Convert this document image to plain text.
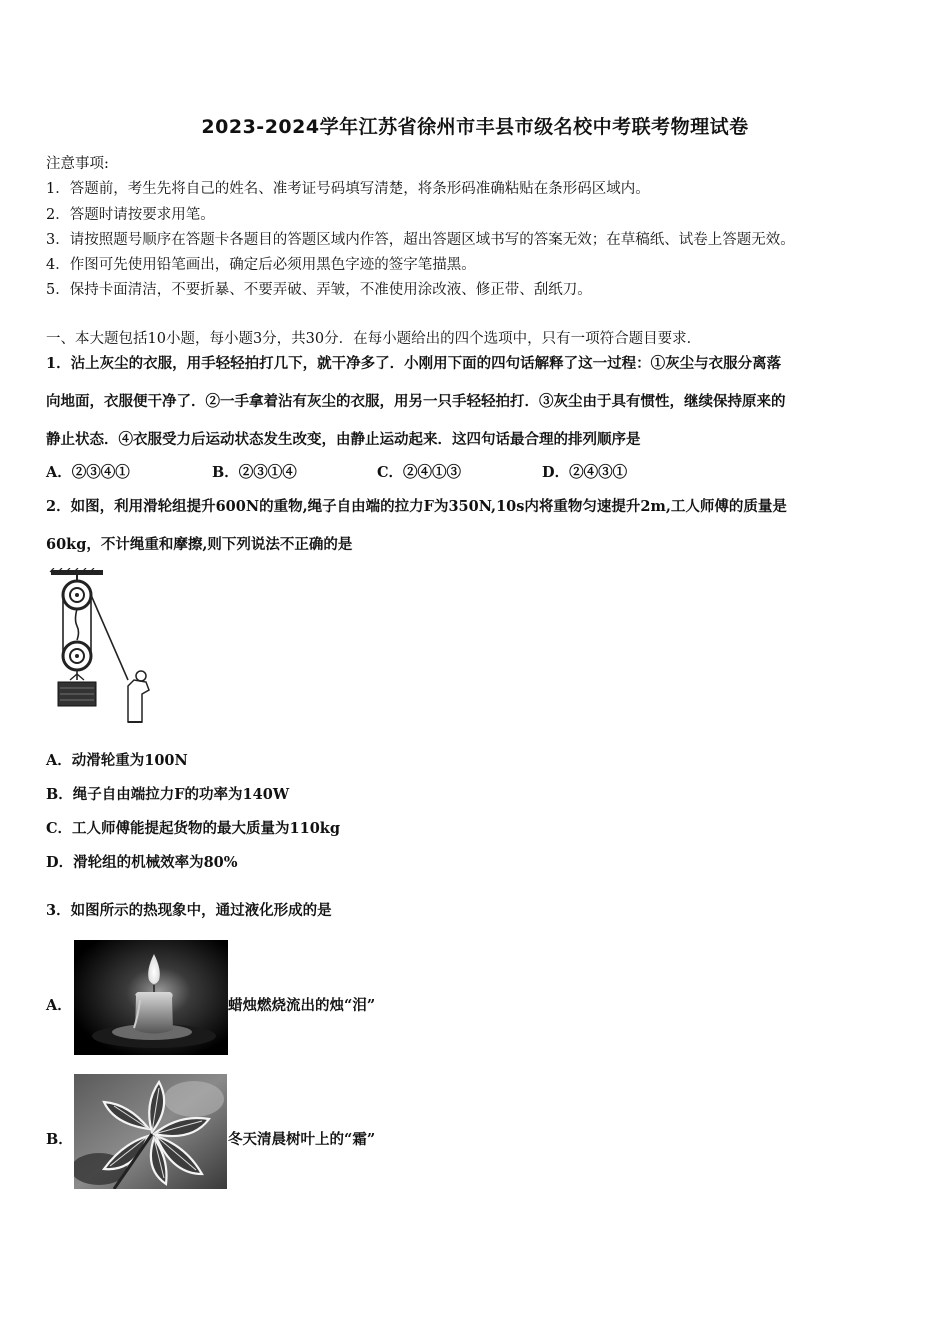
2023-2024学年江苏省徐州市丰县市级名校中考联考物理试卷
注意事项:
1．答题前，考生先将自己的姓名、准考证号码填写清楚，将条形码准确粘贴在条形码区域内。
2．答题时请按要求用笔。
3．请按照题号顺序在答题卡各题目的答题区域内作答，超出答题区域书写的答案无效；在草稿纸、试卷上答题无效。
4．作图可先使用铅笔画出，确定后必须用黑色字迹的签字笔描黑。
5．保持卡面清洁，不要折暴、不要弄破、弄皱，不准使用涂改液、修正带、刮纸刀。
一、本大题包括10小题，每小题3分，共30分．在每小题给出的四个选项中，只有一项符合题目要求．
1．沾上灰尘的衣服，用手轻轻拍打几下，就干净多了．小刚用下面的四句话解释了这一过程：①灰尘与衣服分离落
向地面，衣服便干净了．②一手拿着沾有灰尘的衣服，用另一只手轻轻拍打．③灰尘由于具有惯性，继续保持原来的
静止状态．④衣服受力后运动状态发生改变，由静止运动起来．这四句话最合理的排列顺序是
A．②③④①	B．②③①④	C．②④①③	D．②④③①
2．如图，利用滑轮组提升600N的重物,绳子自由端的拉力F为350N,10s内将重物匀速提升2m,工人师傅的质量是
60kg，不计绳重和摩擦,则下列说法不正确的是
A．动滑轮重为100N
B．绳子自由端拉力F的功率为140W
C．工人师傅能提起货物的最大质量为110kg
D．滑轮组的机械效率为80%
3．如图所示的热现象中，通过液化形成的是
A．	蜡烛燃烧流出的烛“泪”
B．	冬天清晨树叶上的“霜”
